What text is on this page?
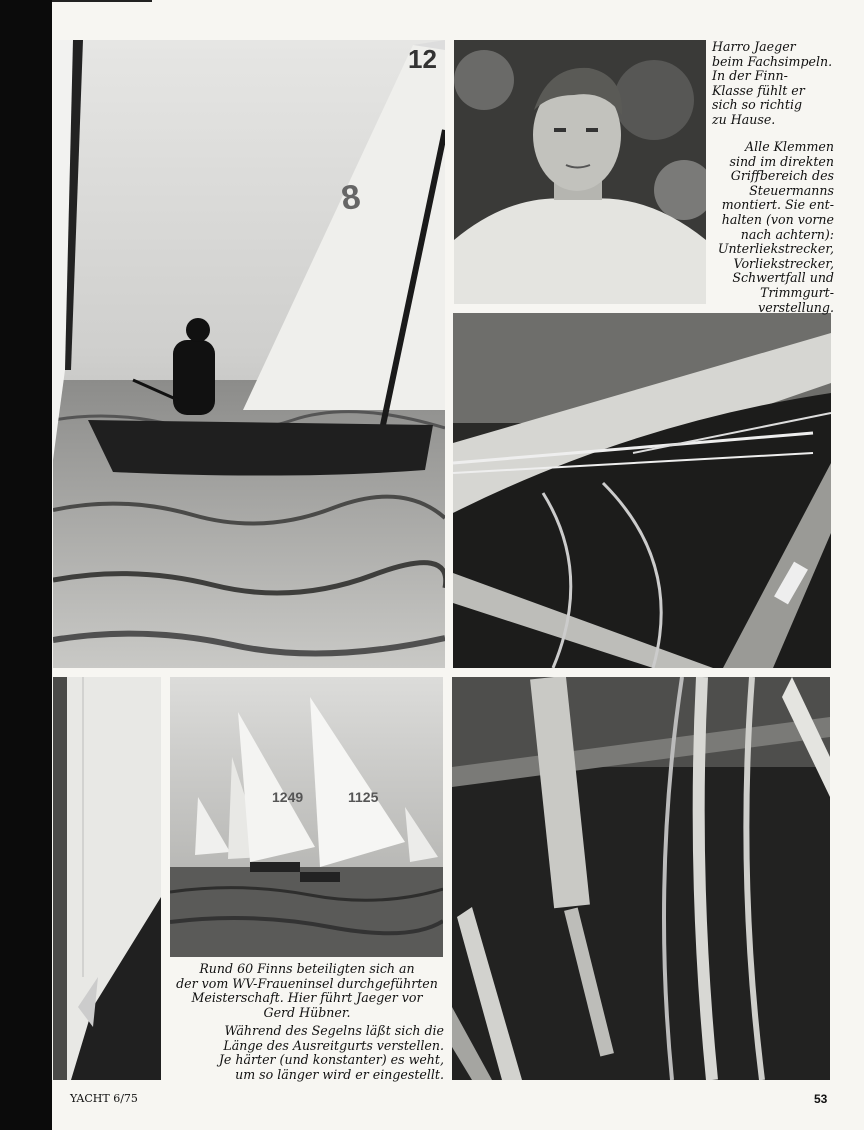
8
12
1249	1125
Harro Jaeger
beim Fachsimpeln.
In der Finn-
Klasse fühlt er
sich so richtig
zu Hause.
Alle Klemmen
sind im direkten
Griffbereich des
Steuermanns
montiert. Sie ent-
halten (von vorne
nach achtern):
Unterliekstrecker,
Vorliekstrecker,
Schwertfall und
Trimmgurt-
verstellung.
Rund 60 Finns beteiligten sich an
der vom WV-Fraueninsel durchgeführten
Meisterschaft. Hier führt Jaeger vor
Gerd Hübner.
Während des Segelns läßt sich die
Länge des Ausreitgurts verstellen.
Je härter (und konstanter) es weht,
um so länger wird er eingestellt.
YACHT 6/75	53
